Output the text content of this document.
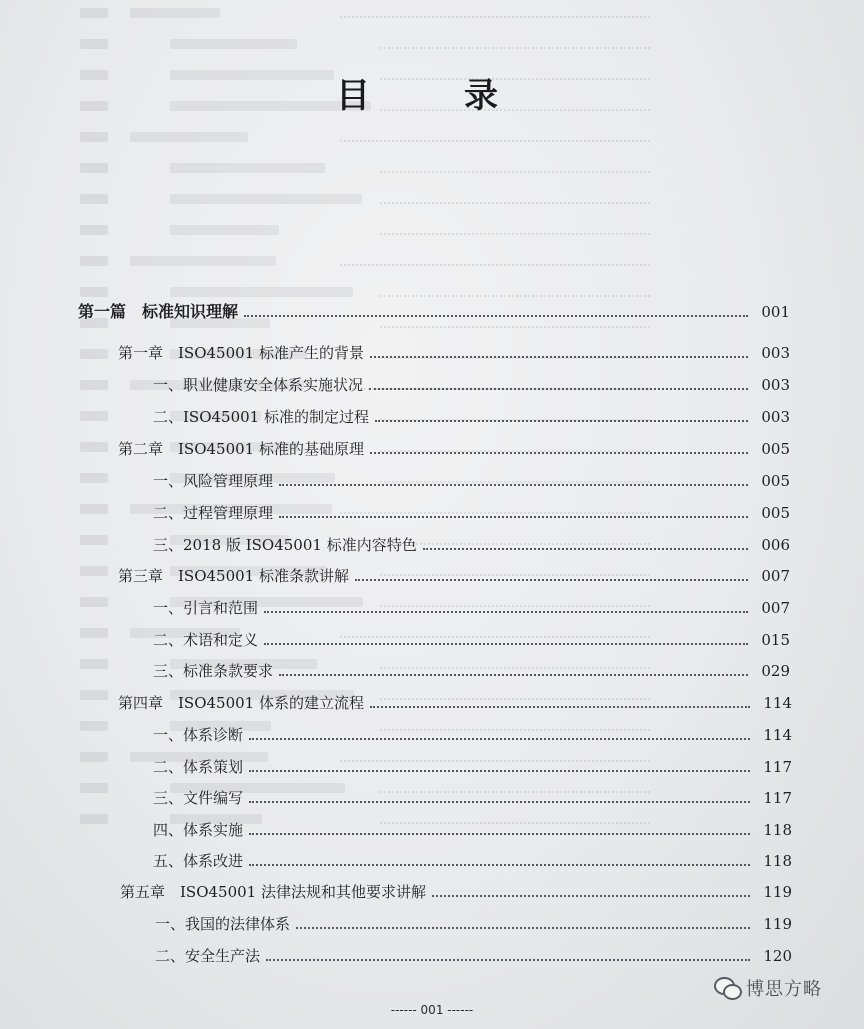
目　录
第一篇　标准知识理解	001
第一章　ISO45001 标准产生的背景	003
一、职业健康安全体系实施状况	003
二、ISO45001 标准的制定过程	003
第二章　ISO45001 标准的基础原理	005
一、风险管理原理	005
二、过程管理原理	005
三、2018 版 ISO45001 标准内容特色	006
第三章　ISO45001 标准条款讲解	007
一、引言和范围	007
二、术语和定义	015
三、标准条款要求	029
第四章　ISO45001 体系的建立流程	114
一、体系诊断	114
二、体系策划	117
三、文件编写	117
四、体系实施	118
五、体系改进	118
第五章　ISO45001 法律法规和其他要求讲解	119
一、我国的法律体系	119
二、安全生产法	120
------ 001 ------
博思方略
